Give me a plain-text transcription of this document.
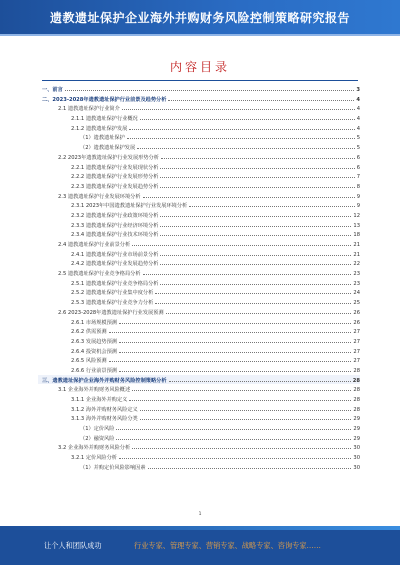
遗教遗址保护企业海外并购财务风险控制策略研究报告
内容目录
一、前言	3
二、2023-2028年遗教遗址保护行业前景及趋势分析	4
2.1 遗教遗址保护行业简介	4
2.1.1 遗教遗址保护行业概况	4
2.1.2 遗教遗址保护发展	4
（1）遗教遗址保护	5
（2）遗教遗址保护发展	5
2.2 2023年遗教遗址保护行业发展形势分析	6
2.2.1 遗教遗址保护行业发展现状分析	6
2.2.2 遗教遗址保护行业发展形势分析	7
2.2.3 遗教遗址保护行业发展趋势分析	8
2.3 遗教遗址保护行业发展环境分析	9
2.3.1 2023年中国遗教遗址保护行业发展环境分析	9
2.3.2 遗教遗址保护行业政策环境分析	12
2.3.3 遗教遗址保护行业经济环境分析	13
2.3.4 遗教遗址保护行业技术环境分析	18
2.4 遗教遗址保护行业前景分析	21
2.4.1 遗教遗址保护行业市场前景分析	21
2.4.2 遗教遗址保护行业发展趋势分析	22
2.5 遗教遗址保护行业竞争格局分析	23
2.5.1 遗教遗址保护行业竞争格局分析	23
2.5.2 遗教遗址保护行业集中度分析	24
2.5.3 遗教遗址保护行业竞争力分析	25
2.6 2023-2028年遗教遗址保护行业发展预测	26
2.6.1 市场规模预测	26
2.6.2 供需预测	27
2.6.3 发展趋势预测	27
2.6.4 投资机会预测	27
2.6.5 风险预测	27
2.6.6 行业前景预测	28
三、遗教遗址保护企业海外并购财务风险控制策略分析	28
3.1 企业海外并购财务风险概述	28
3.1.1 企业海外并购定义	28
3.1.2 海外并购财务风险定义	28
3.1.3 海外并购财务风险分类	29
（1）定价风险	29
（2）融资风险	29
3.2 企业海外并购财务风险分析	30
3.2.1 定价风险分析	30
（1）并购定价风险影响因素	30
1
让个人和团队成功	行业专家、管理专家、营销专家、战略专家、咨询专家……
